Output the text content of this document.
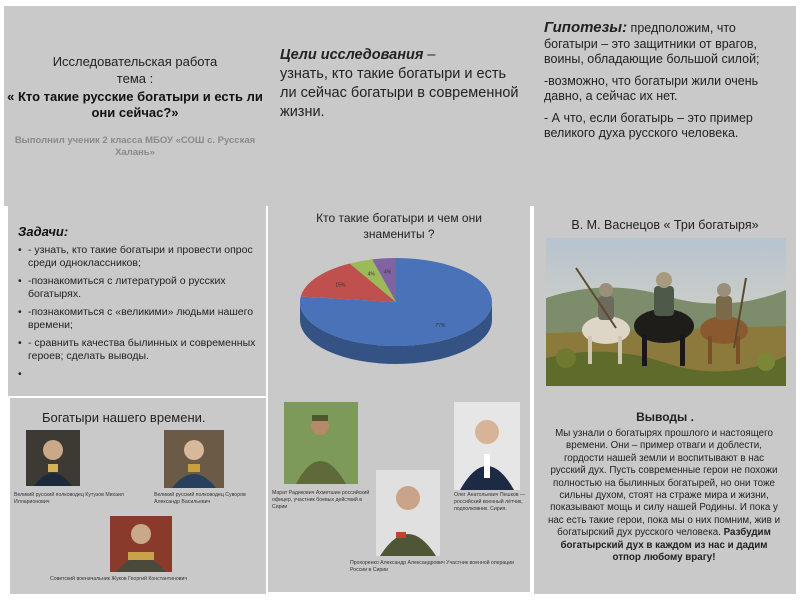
Исследовательская работа
тема :
« Кто такие русские богатыри и есть ли они сейчас?»
Выполнил ученик 2 класса МБОУ «СОШ с. Русская Халань»
Цели исследования –
узнать, кто такие богатыри и есть ли сейчас богатыри в современной жизни.

Гипотезы: предположим, что богатыри – это защитники от врагов, воины, обладающие большой силой;

-возможно, что богатыри жили очень давно, а сейчас их нет.

- А что, если богатырь – это пример великого духа русского человека.

Задачи:
• - узнать, кто такие богатыри и провести опрос среди одноклассников;
• -познакомиться с литературой о русских богатырях.
• -познакомиться с «великими» людьми нашего времени;
• - сравнить качества былинных и современных героев; сделать выводы.
Кто такие богатыри и чем они знамениты ?
77%
15%
4% 4%
В. М. Васнецов « Три богатыря»
Богатыри нашего времени.
Великий русский полководец Кутузов Михаил Илларионович
Великий русский полководец Суворов Александр Васильевич
Советский военачальник Жуков Георгий Константинович
Марат Радикович Ахметшин российский офицер, участник боевых действий в Сирии
Олег Анатольевич Пешков — российский военный лётчик, подполковник. Сирия.
Прохоренко Александр Александрович Участник военной операции России в Сирии
Выводы .
Мы узнали о богатырях прошлого и настоящего времени. Они – пример отваги и доблести, гордости нашей земли и воспитывают в нас русский дух. Пусть современные герои не похожи полностью на былинных богатырей, но они тоже сильны духом, стоят на страже мира и жизни, показывают мощь и силу нашей Родины. И пока у нас есть такие герои, пока мы о них помним, жив и богатырский дух русского человека. Разбудим богатырский дух в каждом из нас и дадим отпор любому врагу!
